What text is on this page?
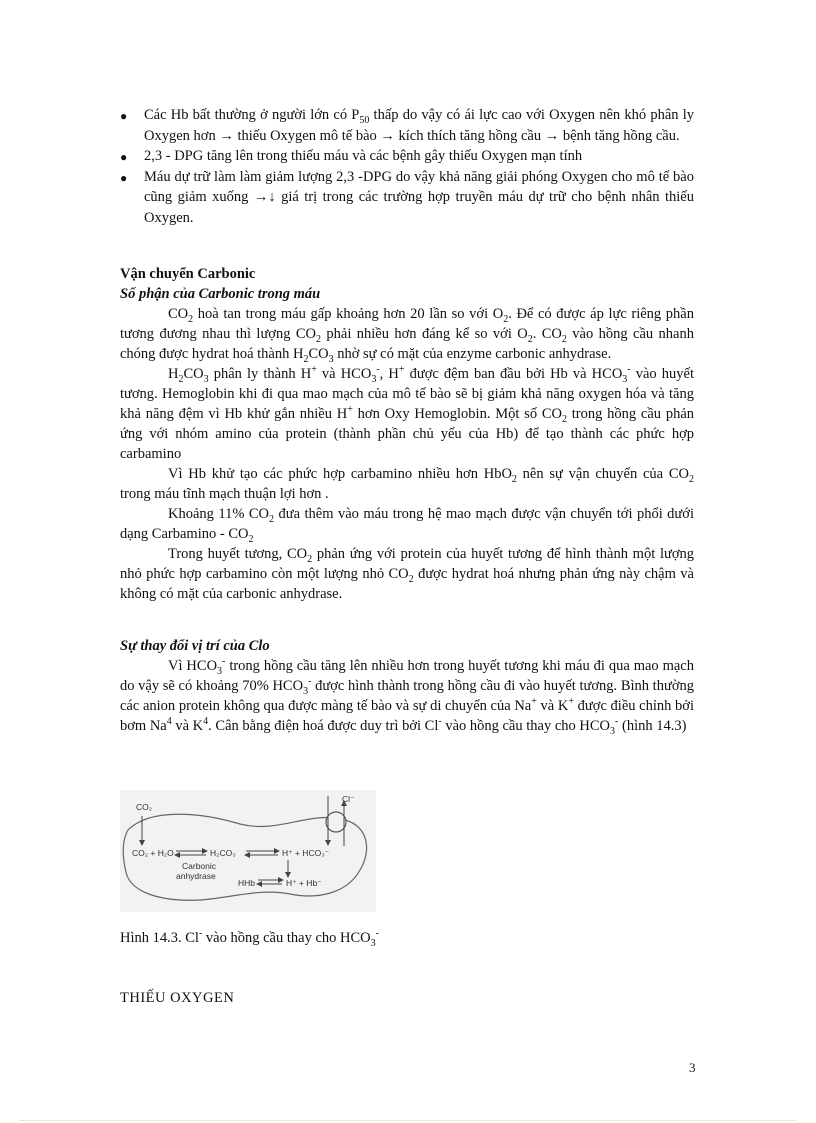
● Các Hb bất thường ở người lớn có $P_{50}$ thấp do vậy có ái lực cao với Oxygen nên khó phân ly Oxygen hơn → thiếu Oxygen mô tế bào → kích thích tăng hồng cầu → bệnh tăng hồng cầu.
● 2,3 - DPG tăng lên trong thiếu máu và các bệnh gây thiếu Oxygen mạn tính
● Máu dự trữ làm làm giảm lượng 2,3 -DPG do vậy khả năng giải phóng Oxygen cho mô tế bào cũng giảm xuống →↓ giá trị trong các trường hợp truyền máu dự trữ cho bệnh nhân thiếu Oxygen.
Vận chuyển Carbonic
Số phận của Carbonic trong máu

$CO_2$ hoà tan trong máu gấp khoảng hơn 20 lần so với $O_2$. Để có được áp lực riêng phần tương đương nhau thì lượng $CO_2$ phải nhiều hơn đáng kể so với $O_2$. $CO_2$ vào hồng cầu nhanh chóng được hydrat hoá thành $H_2CO_3$ nhờ sự có mặt của enzyme carbonic anhydrase.

$H_2CO_3$ phân ly thành H+ và $HCO_3^-$, H+ được đệm ban đầu bởi Hb và $HCO_3^-$ vào huyết tương. Hemoglobin khi đi qua mao mạch của mô tế bào sẽ bị giảm khả năng oxygen hóa và tăng khả năng đệm vì Hb khử gắn nhiều H+ hơn Oxy Hemoglobin. Một số $CO_2$ trong hồng cầu phản ứng với nhóm amino của protein (thành phần chủ yếu của Hb) để tạo thành các phức hợp carbamino

Vì Hb khử tạo các phức hợp carbamino nhiều hơn HbO$_2$ nên sự vận chuyển của $CO_2$ trong máu tĩnh mạch thuận lợi hơn .

Khoảng 11% $CO_2$ đưa thêm vào máu trong hệ mao mạch được vận chuyển tới phổi dưới dạng Carbamino - $CO_2$

Trong huyết tương, $CO_2$ phản ứng với protein của huyết tương để hình thành một lượng nhỏ phức hợp carbamino còn một lượng nhỏ $CO_2$ được hydrat hoá nhưng phản ứng này chậm và không có mặt của carbonic anhydrase.

Sự thay đổi vị trí của Clo

Vì $HCO_3^-$ trong hồng cầu tăng lên nhiều hơn trong huyết tương khi máu đi qua mao mạch do vậy sẽ có khoảng 70% $HCO_3^-$ được hình thành trong hồng cầu đi vào huyết tương. Bình thường các anion protein không qua được màng tế bào và sự di chuyển của Na+ và K+ được điều chỉnh bởi bơm Na$^4$ và $K^4$. Cân bằng điện hoá được duy trì bởi Cl- vào hồng cầu thay cho $HCO_3^-$ (hình 14.3)

CO₂
Cl⁻
CO₂ + H₂O	H₂CO₃	H⁺ + HCO₃⁻
Carbonic
anhydrase
HHb	H⁺ + Hb⁻
Hình 14.3. Cl- vào hồng cầu thay cho $HCO_3^-$
THIẾU OXYGEN
3
